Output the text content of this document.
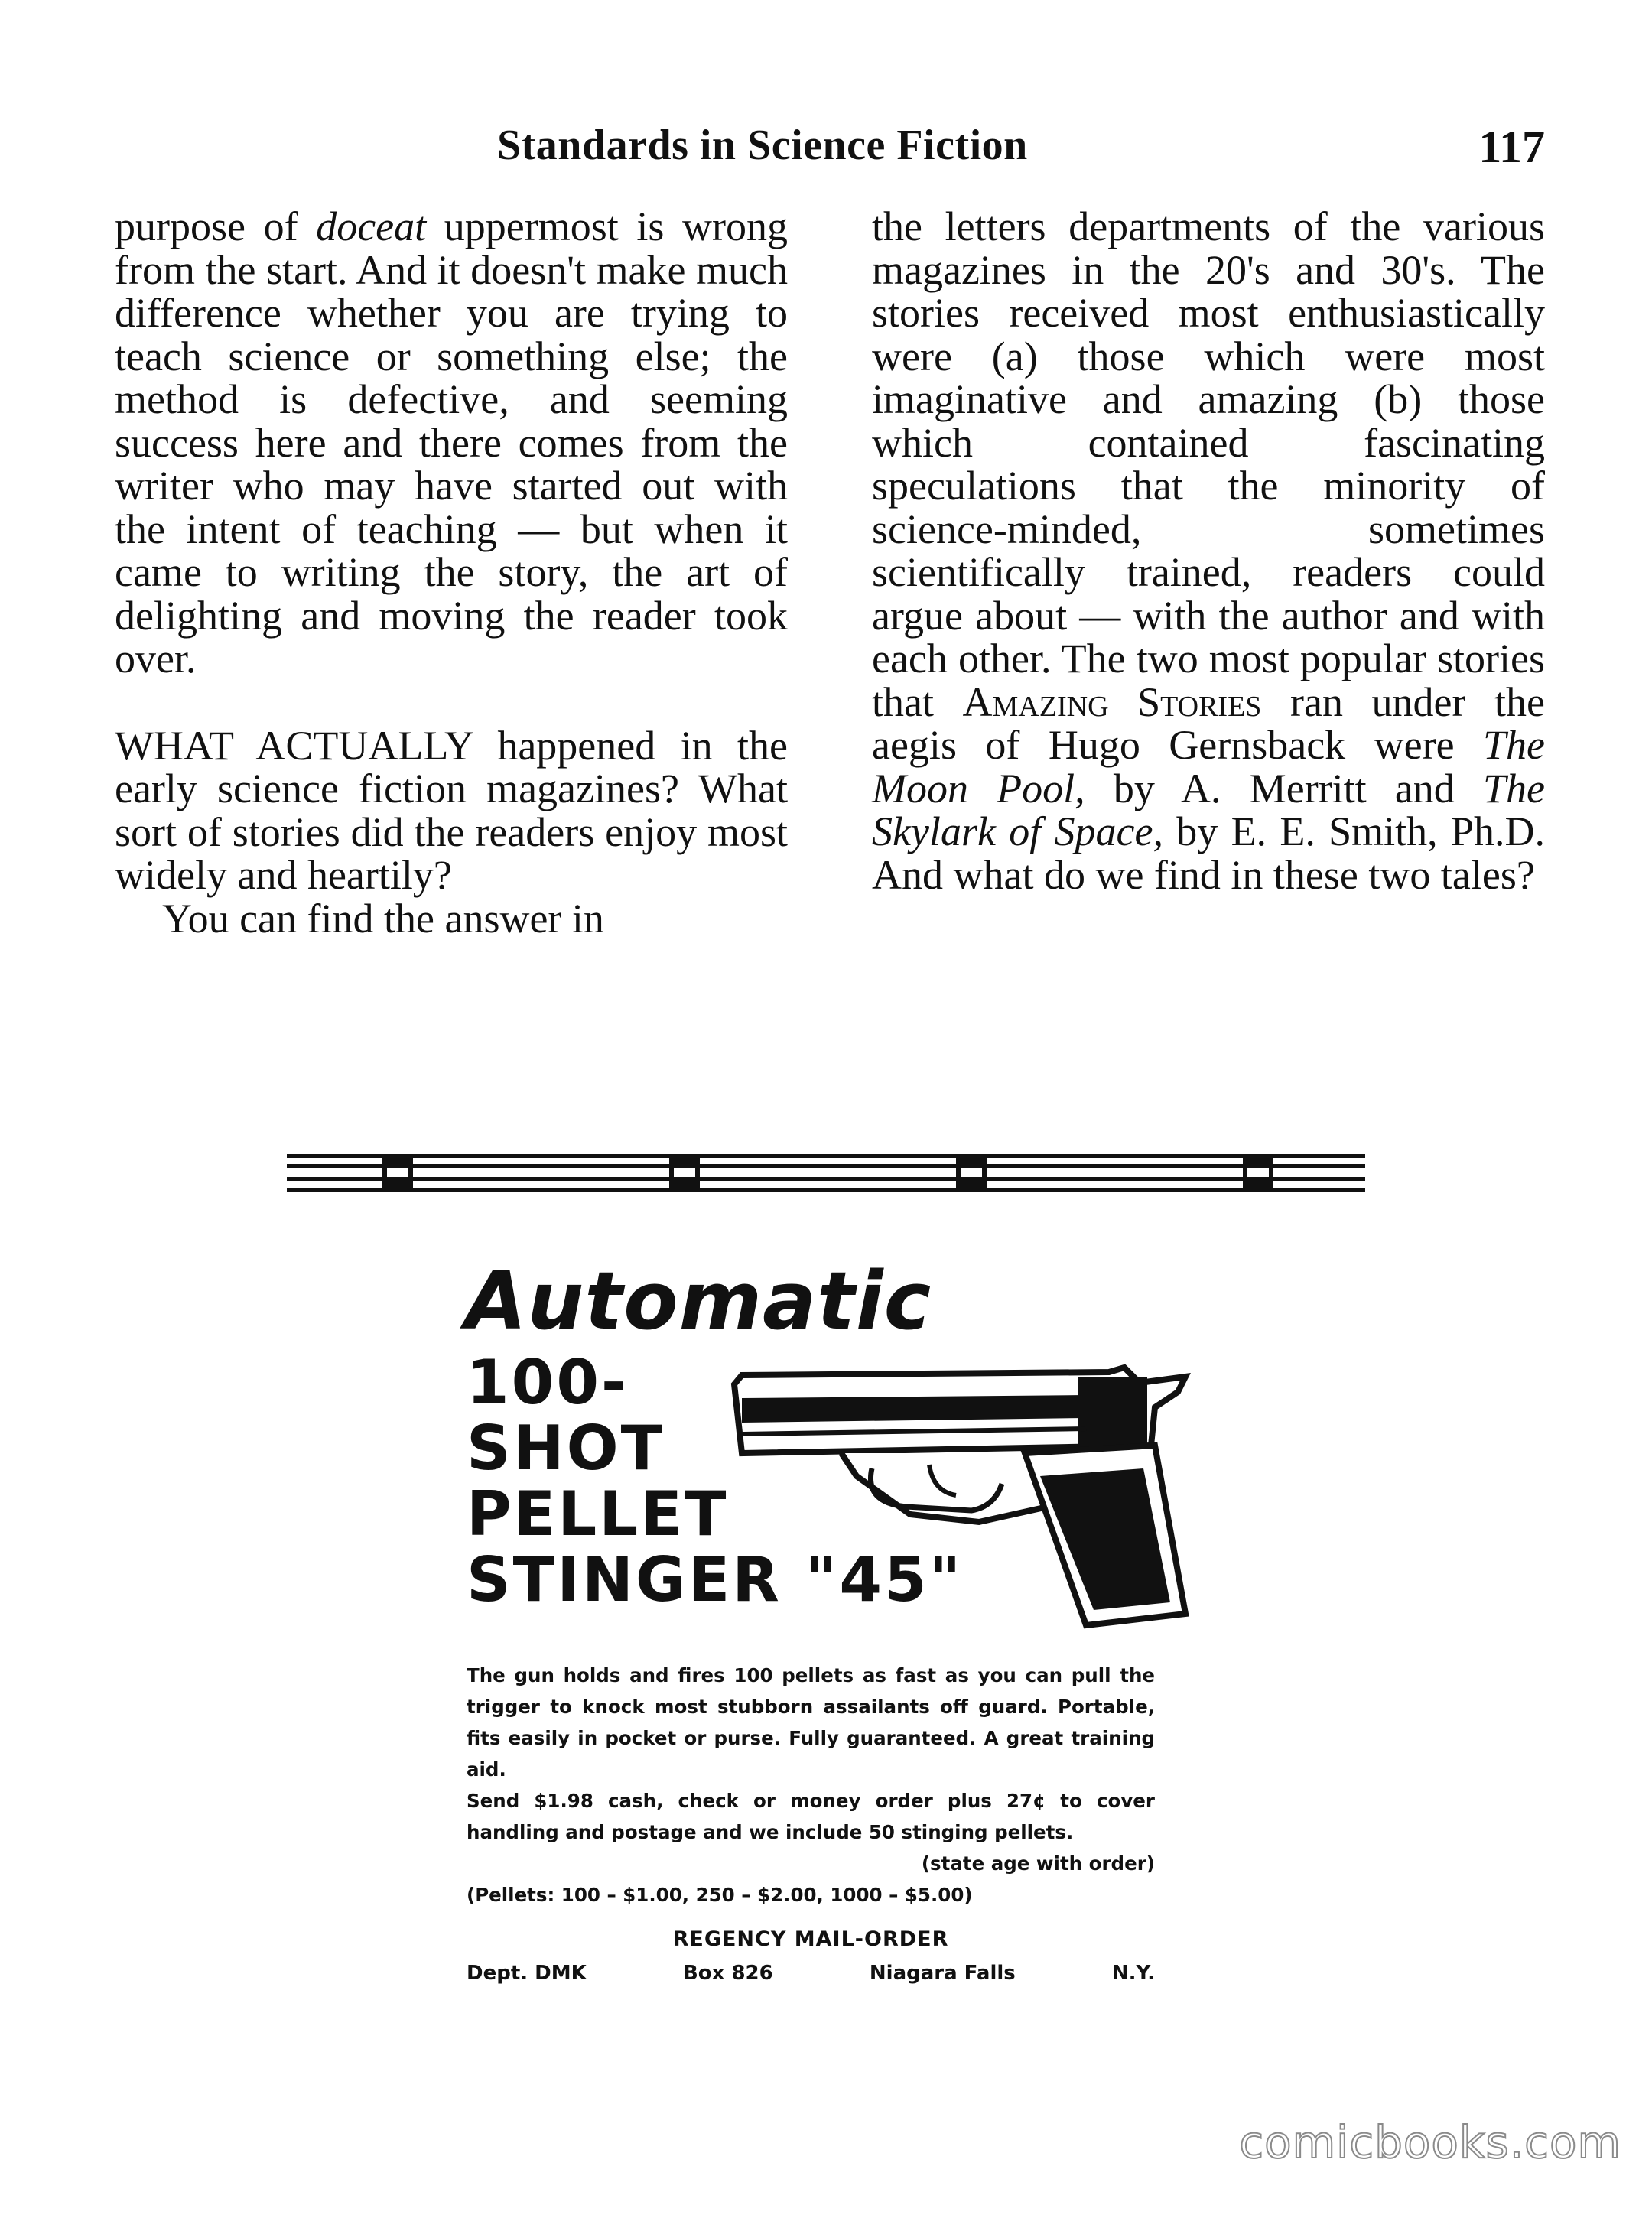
Standards in Science Fiction	117

purpose of doceat uppermost is wrong from the start. And it doesn't make much difference whether you are trying to teach science or something else; the method is defective, and seeming success here and there comes from the writer who may have started out with the intent of teaching — but when it came to writing the story, the art of delighting and moving the reader took over.

WHAT ACTUALLY happened in the early science fiction magazines? What sort of stories did the readers enjoy most widely and heartily?

You can find the answer in

the letters departments of the various magazines in the 20's and 30's. The stories received most enthusiastically were (a) those which were most imaginative and amazing (b) those which contained fascinating speculations that the minority of science-minded, sometimes scientifically trained, readers could argue about — with the author and with each other. The two most popular stories that Amazing Stories ran under the aegis of Hugo Gernsback were The Moon Pool, by A. Merritt and The Skylark of Space, by E. E. Smith, Ph.D. And what do we find in these two tales?

Automatic
100-
SHOT
PELLET
STINGER "45"

The gun holds and fires 100 pellets as fast as you can pull the trigger to knock most stubborn assailants off guard. Portable, fits easily in pocket or purse. Fully guaranteed. A great training aid.

Send $1.98 cash, check or money order plus 27¢ to cover handling and postage and we include 50 stinging pellets.

(state age with order)

(Pellets: 100 – $1.00, 250 – $2.00, 1000 – $5.00)

REGENCY MAIL-ORDER
Dept. DMK	Box 826	Niagara Falls	N.Y.
comicbooks.com
